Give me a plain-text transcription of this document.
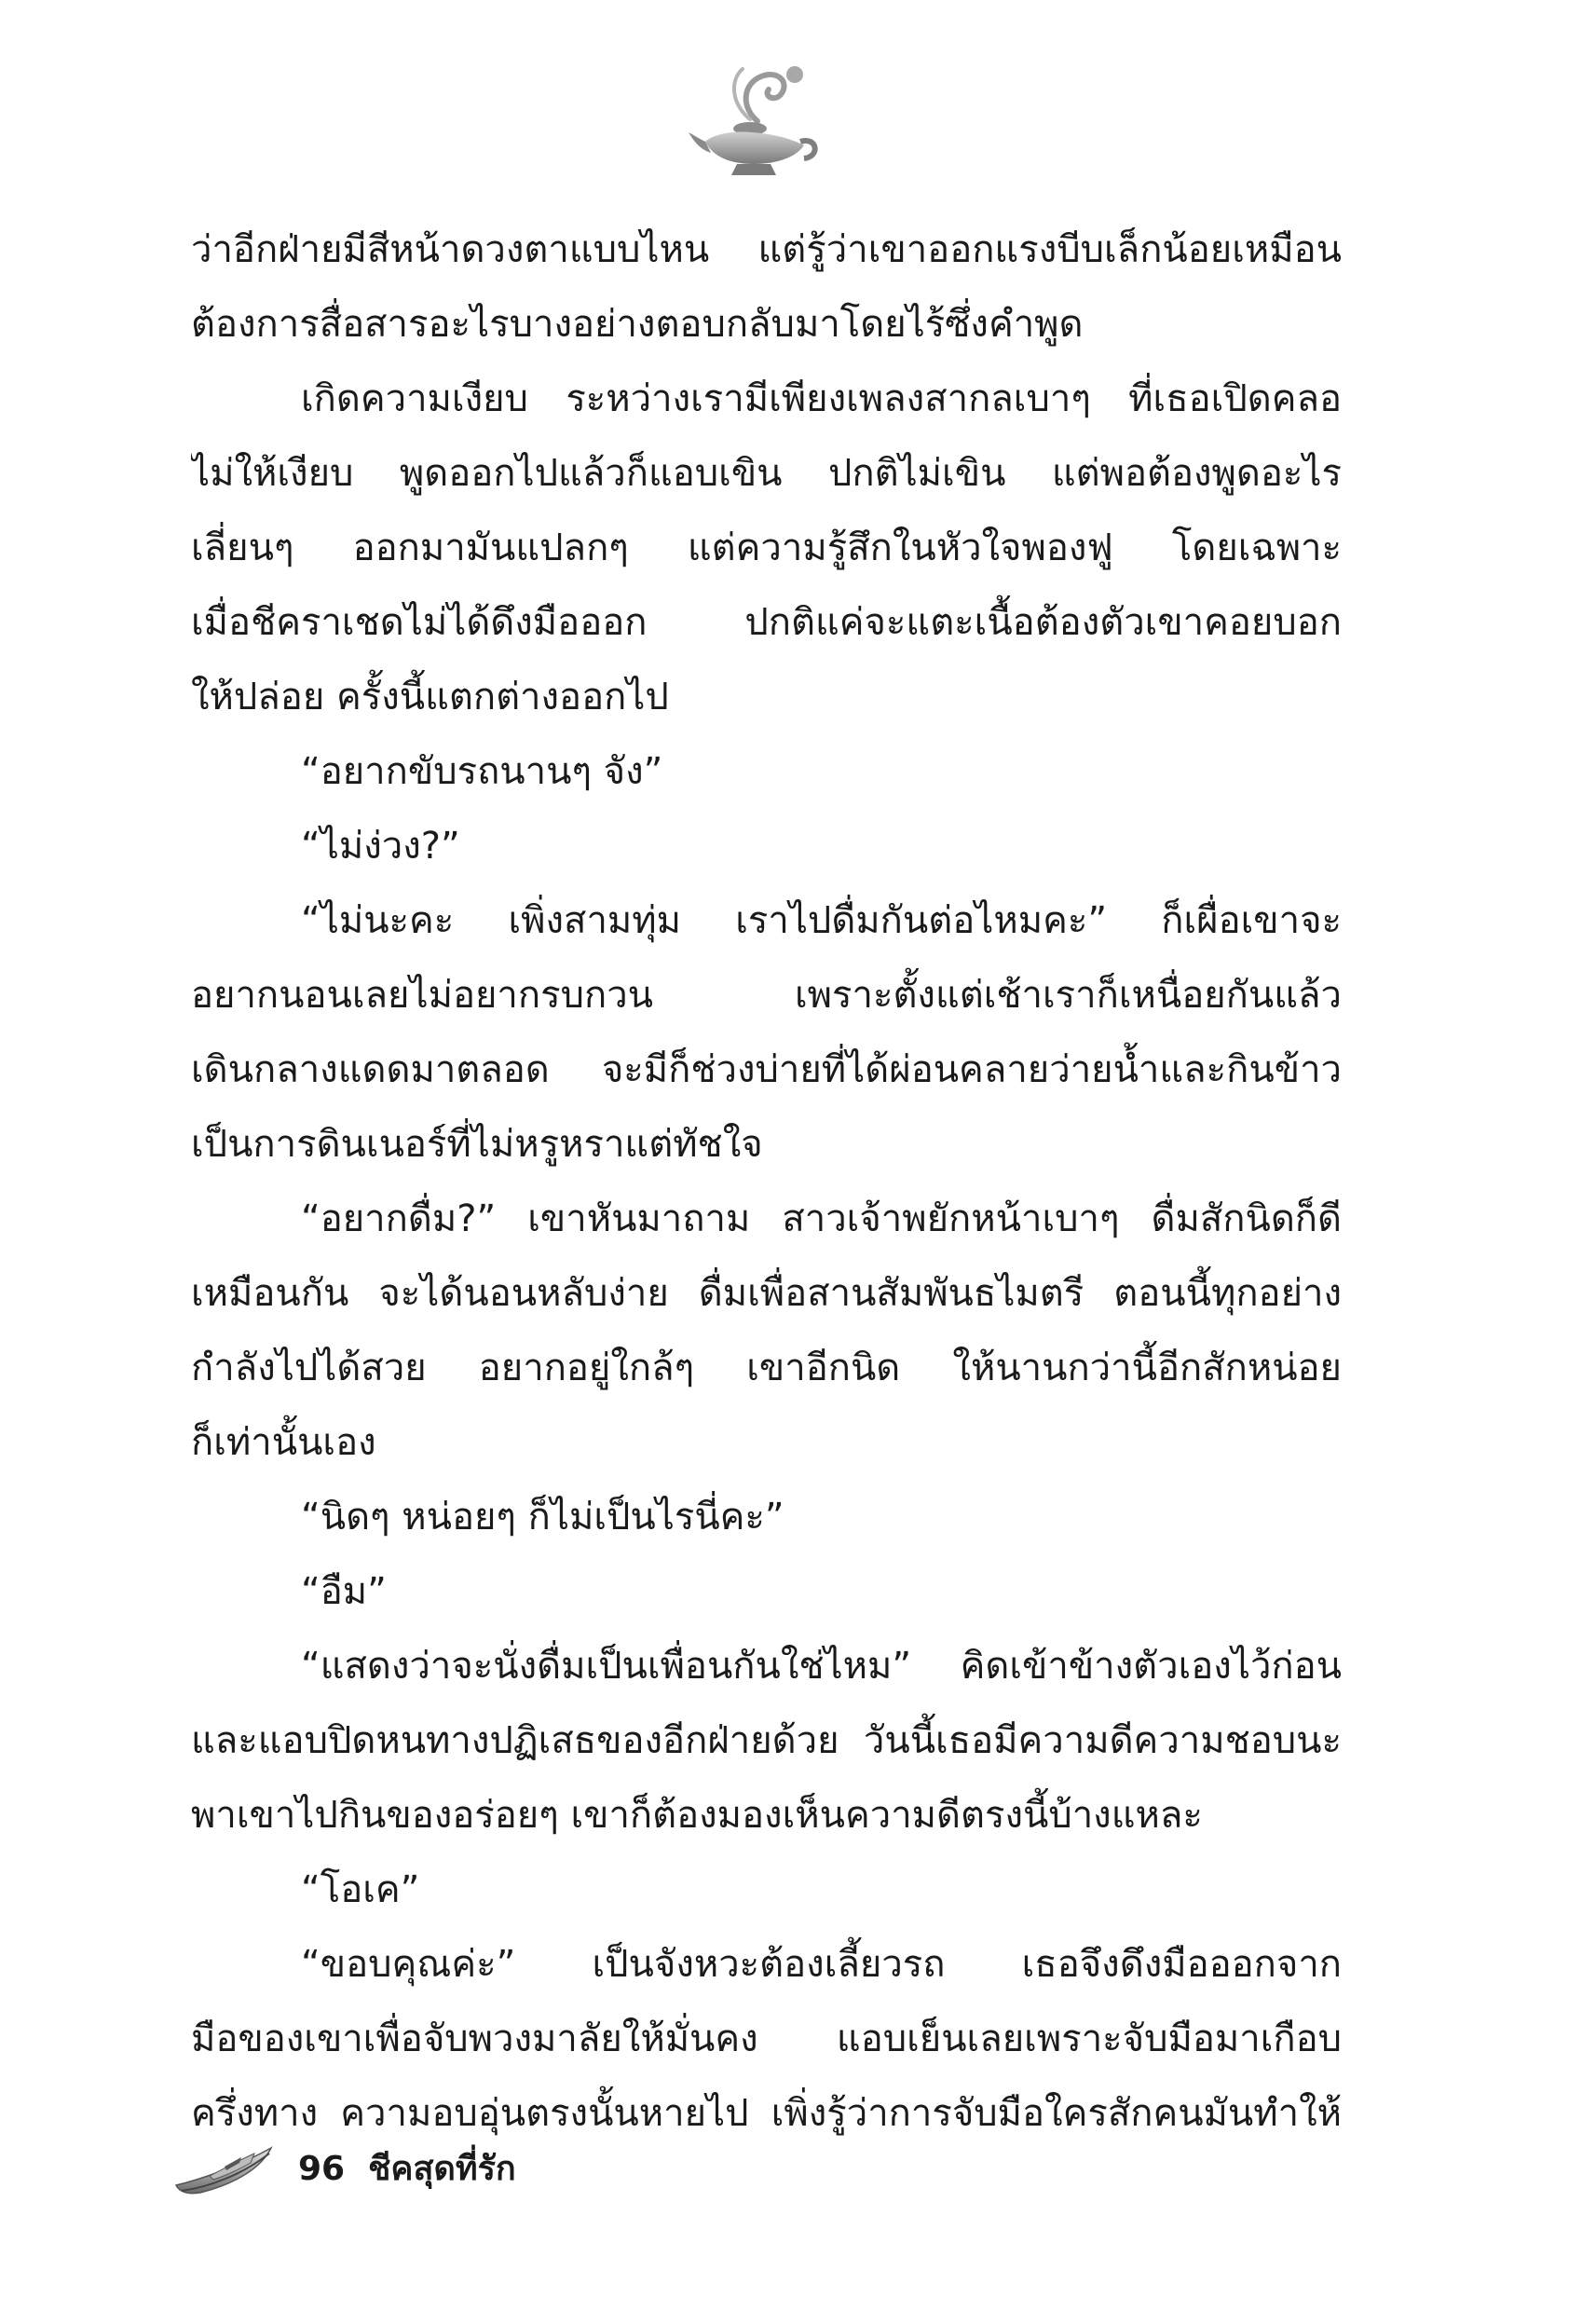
ว่าอีกฝ่ายมีสีหน้าดวงตาแบบไหน แต่รู้ว่าเขาออกแรงบีบเล็กน้อยเหมือน
ต้องการสื่อสารอะไรบางอย่างตอบกลับมาโดยไร้ซึ่งคำพูด
เกิดความเงียบ ระหว่างเรามีเพียงเพลงสากลเบาๆ ที่เธอเปิดคลอ
ไม่ให้เงียบ พูดออกไปแล้วก็แอบเขิน ปกติไม่เขิน แต่พอต้องพูดอะไร
เลี่ยนๆ ออกมามันแปลกๆ แต่ความรู้สึกในหัวใจพองฟู โดยเฉพาะ
เมื่อชีคราเชดไม่ได้ดึงมือออก ปกติแค่จะแตะเนื้อต้องตัวเขาคอยบอก
ให้ปล่อย ครั้งนี้แตกต่างออกไป
“อยากขับรถนานๆ จัง”
“ไม่ง่วง?”
“ไม่นะคะ เพิ่งสามทุ่ม เราไปดื่มกันต่อไหมคะ” ก็เผื่อเขาจะ
อยากนอนเลยไม่อยากรบกวน เพราะตั้งแต่เช้าเราก็เหนื่อยกันแล้ว
เดินกลางแดดมาตลอด จะมีก็ช่วงบ่ายที่ได้ผ่อนคลายว่ายน้ำและกินข้าว
เป็นการดินเนอร์ที่ไม่หรูหราแต่ทัชใจ
“อยากดื่ม?” เขาหันมาถาม สาวเจ้าพยักหน้าเบาๆ ดื่มสักนิดก็ดี
เหมือนกัน จะได้นอนหลับง่าย ดื่มเพื่อสานสัมพันธไมตรี ตอนนี้ทุกอย่าง
กำลังไปได้สวย อยากอยู่ใกล้ๆ เขาอีกนิด ให้นานกว่านี้อีกสักหน่อย
ก็เท่านั้นเอง
“นิดๆ หน่อยๆ ก็ไม่เป็นไรนี่คะ”
“อืม”
“แสดงว่าจะนั่งดื่มเป็นเพื่อนกันใช่ไหม” คิดเข้าข้างตัวเองไว้ก่อน
และแอบปิดหนทางปฏิเสธของอีกฝ่ายด้วย วันนี้เธอมีความดีความชอบนะ
พาเขาไปกินของอร่อยๆ เขาก็ต้องมองเห็นความดีตรงนี้บ้างแหละ
“โอเค”
“ขอบคุณค่ะ” เป็นจังหวะต้องเลี้ยวรถ เธอจึงดึงมือออกจาก
มือของเขาเพื่อจับพวงมาลัยให้มั่นคง แอบเย็นเลยเพราะจับมือมาเกือบ
ครึ่งทาง ความอบอุ่นตรงนั้นหายไป เพิ่งรู้ว่าการจับมือใครสักคนมันทำให้
96 ชีคสุดที่รัก
